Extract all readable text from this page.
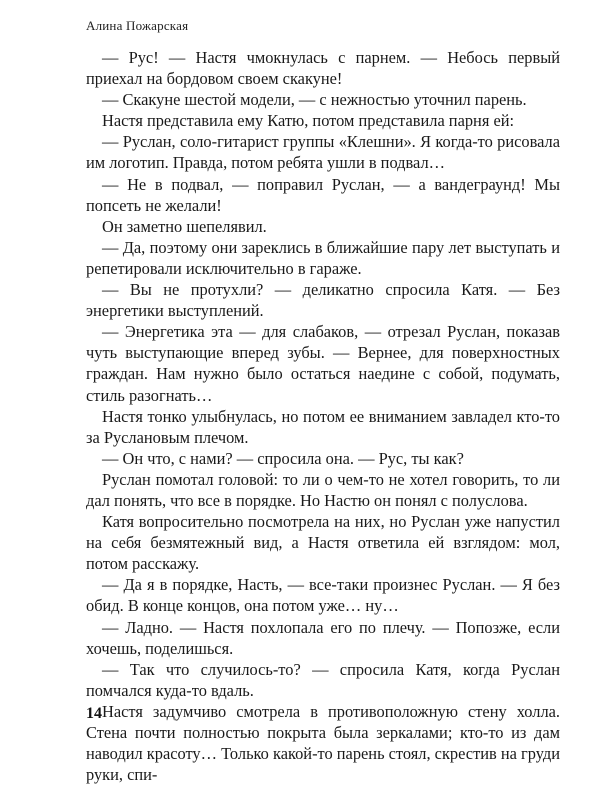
Алина Пожарская

— Рус! — Настя чмокнулась с парнем. — Небось первый приехал на бордовом своем скакуне!

— Скакуне шестой модели, — с нежностью уточнил парень.

Настя представила ему Катю, потом представила парня ей:

— Руслан, соло-гитарист группы «Клешни». Я когда-то рисовала им логотип. Правда, потом ребята ушли в подвал…

— Не в подвал, — поправил Руслан, — а вандеграунд! Мы попсеть не желали!

Он заметно шепелявил.

— Да, поэтому они зареклись в ближайшие пару лет выступать и репетировали исключительно в гараже.

— Вы не протухли? — деликатно спросила Катя. — Без энергетики выступлений.

— Энергетика эта — для слабаков, — отрезал Руслан, показав чуть выступающие вперед зубы. — Вернее, для поверхностных граждан. Нам нужно было остаться наедине с собой, подумать, стиль разогнать…

Настя тонко улыбнулась, но потом ее вниманием завладел кто-то за Руслановым плечом.

— Он что, с нами? — спросила она. — Рус, ты как?

Руслан помотал головой: то ли о чем-то не хотел говорить, то ли дал понять, что все в порядке. Но Настю он понял с полуслова.

Катя вопросительно посмотрела на них, но Руслан уже напустил на себя безмятежный вид, а Настя ответила ей взглядом: мол, потом расскажу.

— Да я в порядке, Насть, — все-таки произнес Руслан. — Я без обид. В конце концов, она потом уже… ну…

— Ладно. — Настя похлопала его по плечу. — Попозже, если хочешь, поделишься.

— Так что случилось-то? — спросила Катя, когда Руслан помчался куда-то вдаль.

Настя задумчиво смотрела в противоположную стену холла. Стена почти полностью покрыта была зеркалами; кто-то из дам наводил красоту… Только какой-то парень стоял, скрестив на груди руки, спи-

14
